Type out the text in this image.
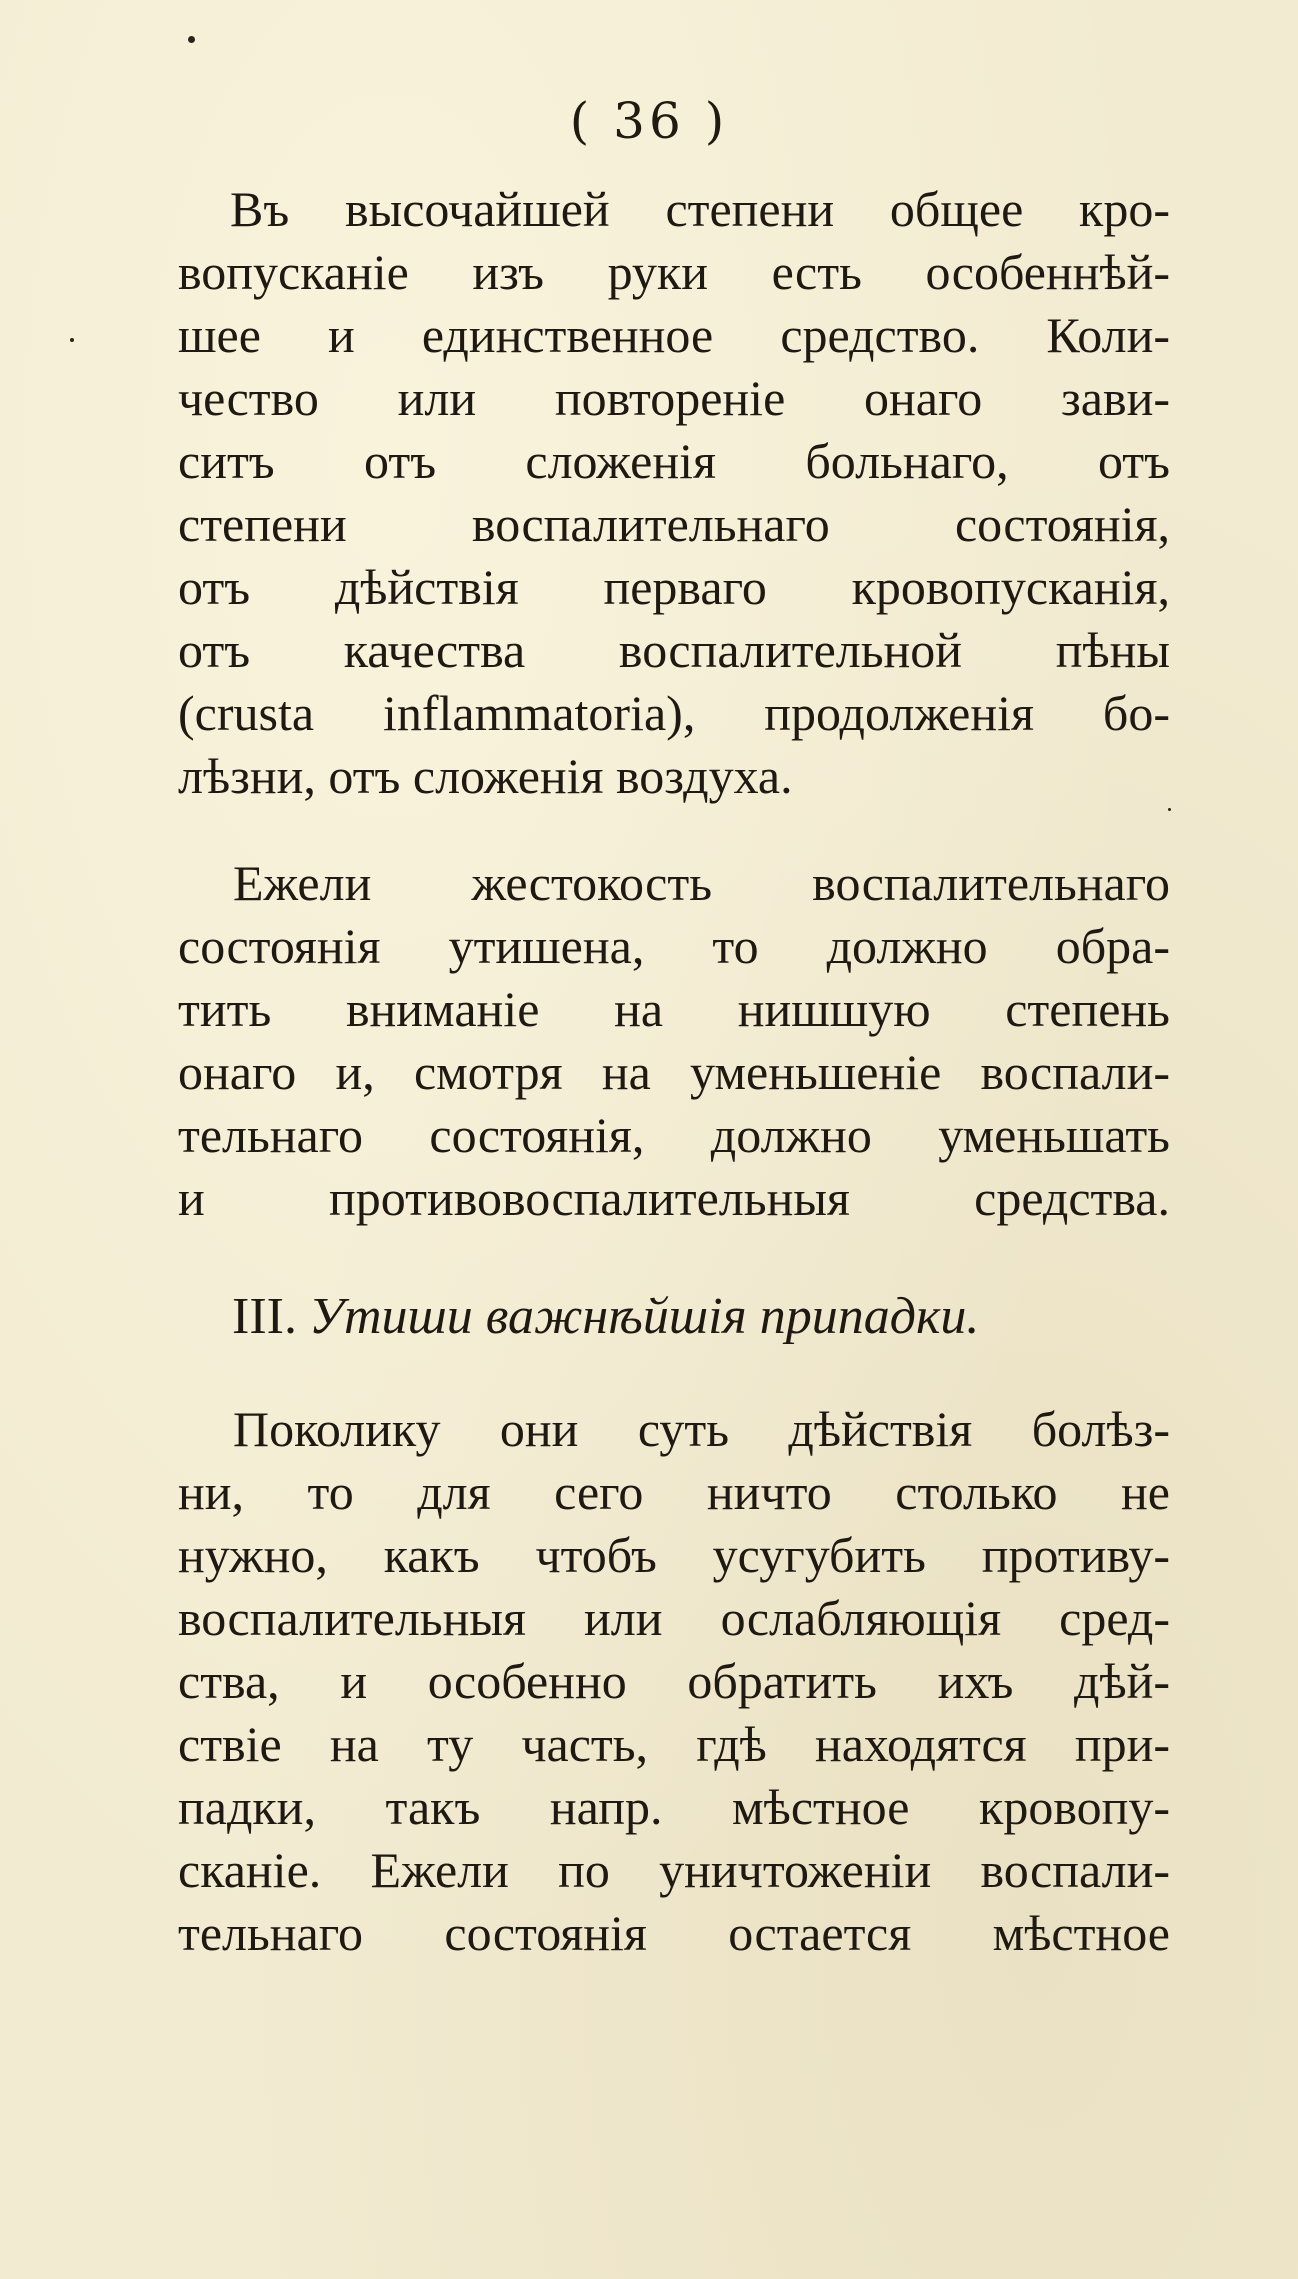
( 36 )
Въ высочайшей степени общее кро-
вопусканіе изъ руки есть особеннѣй-
шее и единственное средство. Коли-
чество или повтореніе онаго зави-
ситъ отъ сложенія больнаго, отъ
степени воспалительнаго состоянія,
отъ дѣйствія перваго кровопусканія,
отъ качества воспалительной пѣны
(crusta inflammatoria), продолженія бо-
лѣзни, отъ сложенія воздуха.
Ежели жестокость воспалительнаго
состоянія утишена, то должно обра-
тить вниманіе на нишшую степень
онаго и, смотря на уменьшеніе воспали-
тельнаго состоянія, должно уменьшать
и противовоспалительныя средства.
III. Утиши важнѣйшія припадки.
Поколику они суть дѣйствія болѣз-
ни, то для сего ничто столько не
нужно, какъ чтобъ усугубить противу-
воспалительныя или ослабляющія сред-
ства, и особенно обратить ихъ дѣй-
ствіе на ту часть, гдѣ находятся при-
падки, такъ напр. мѣстное кровопу-
сканіе. Ежели по уничтоженіи воспали-
тельнаго состоянія остается мѣстное
